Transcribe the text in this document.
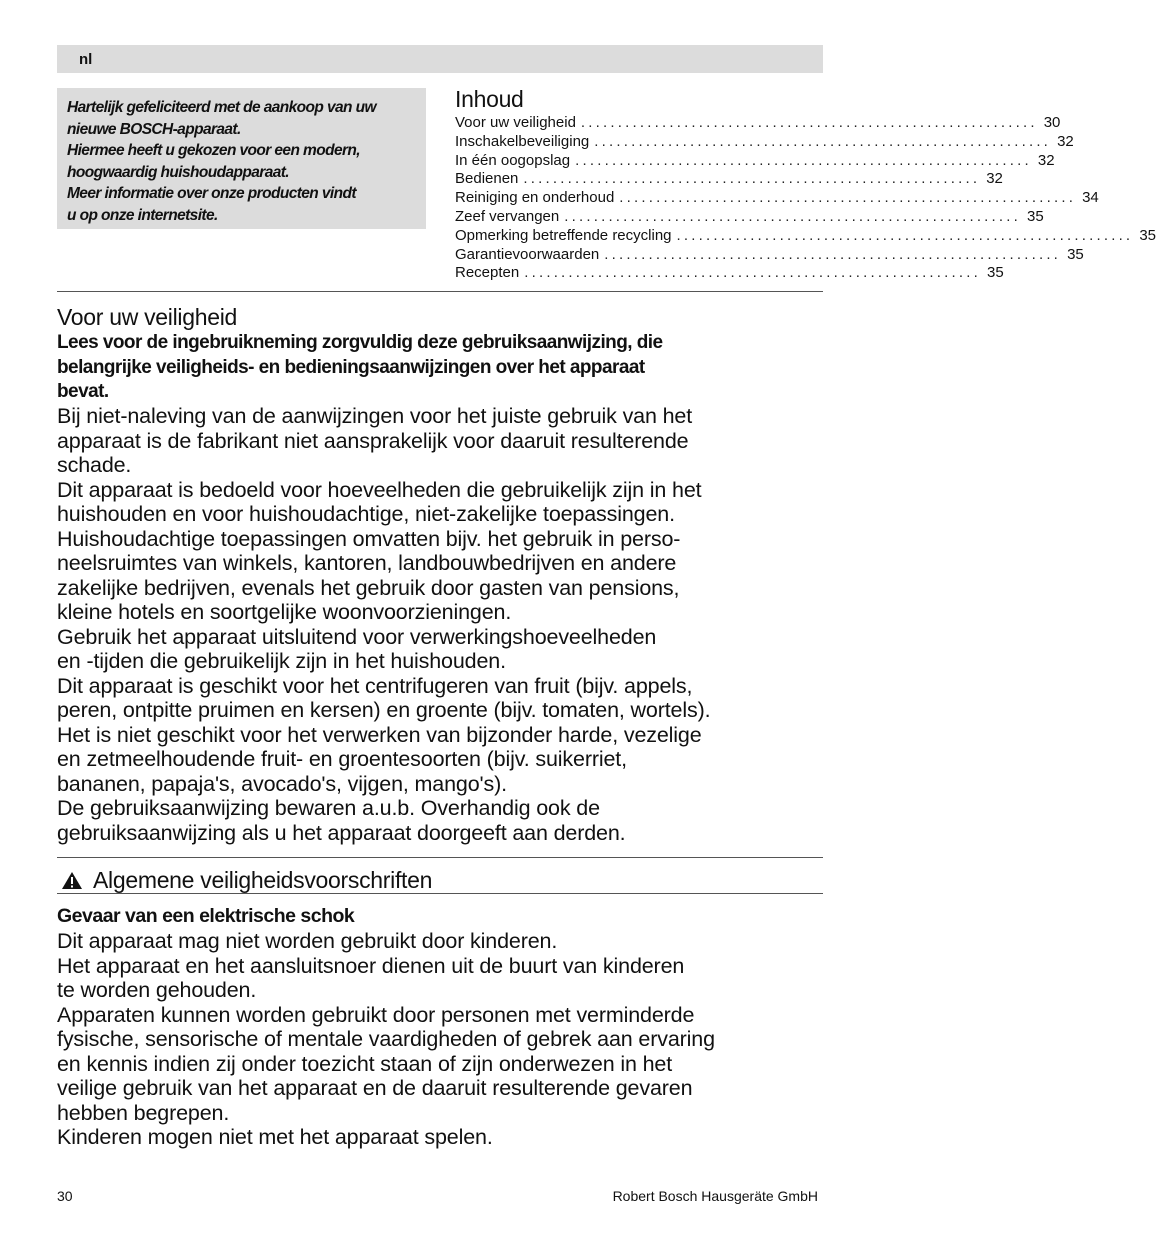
nl
Hartelijk gefeliciteerd met de aankoop van uw
nieuwe BOSCH-apparaat.
Hiermee heeft u gekozen voor een modern,
hoogwaardig huishoudapparaat.
Meer informatie over onze producten vindt
u op onze internetsite.
Inhoud
Voor uw veiligheid .............................................................. 30
Inschakelbeveiliging .............................................................. 32
In één oogopslag .............................................................. 32
Bedienen .............................................................. 32
Reiniging en onderhoud .............................................................. 34
Zeef vervangen .............................................................. 35
Opmerking betreffende recycling .............................................................. 35
Garantievoorwaarden .............................................................. 35
Recepten .............................................................. 35
Voor uw veiligheid
Lees voor de ingebruikneming zorgvuldig deze gebruiksaanwijzing, die
belangrijke veiligheids- en bedieningsaanwijzingen over het apparaat
bevat.
Bij niet-naleving van de aanwijzingen voor het juiste gebruik van het
apparaat is de fabrikant niet aansprakelijk voor daaruit resulterende
schade.
Dit apparaat is bedoeld voor hoeveelheden die gebruikelijk zijn in het
huishouden en voor huishoudachtige, niet-zakelijke toepassingen.
Huishoudachtige toepassingen omvatten bijv. het gebruik in perso-
neelsruimtes van winkels, kantoren, landbouwbedrijven en andere
zakelijke bedrijven, evenals het gebruik door gasten van pensions,
kleine hotels en soortgelijke woonvoorzieningen.
Gebruik het apparaat uitsluitend voor verwerkingshoeveelheden
en -tijden die gebruikelijk zijn in het huishouden.
Dit apparaat is geschikt voor het centrifugeren van fruit (bijv. appels,
peren, ontpitte pruimen en kersen) en groente (bijv. tomaten, wortels).
Het is niet geschikt voor het verwerken van bijzonder harde, vezelige
en zetmeelhoudende fruit- en groentesoorten (bijv. suikerriet,
bananen, papaja's, avocado's, vijgen, mango's).
De gebruiksaanwijzing bewaren a.u.b. Overhandig ook de
gebruiksaanwijzing als u het apparaat doorgeeft aan derden.
Algemene veiligheidsvoorschriften
Gevaar van een elektrische schok
Dit apparaat mag niet worden gebruikt door kinderen.
Het apparaat en het aansluitsnoer dienen uit de buurt van kinderen
te worden gehouden.
Apparaten kunnen worden gebruikt door personen met verminderde
fysische, sensorische of mentale vaardigheden of gebrek aan ervaring
en kennis indien zij onder toezicht staan of zijn onderwezen in het
veilige gebruik van het apparaat en de daaruit resulterende gevaren
hebben begrepen.
Kinderen mogen niet met het apparaat spelen.
30	Robert Bosch Hausgeräte GmbH
